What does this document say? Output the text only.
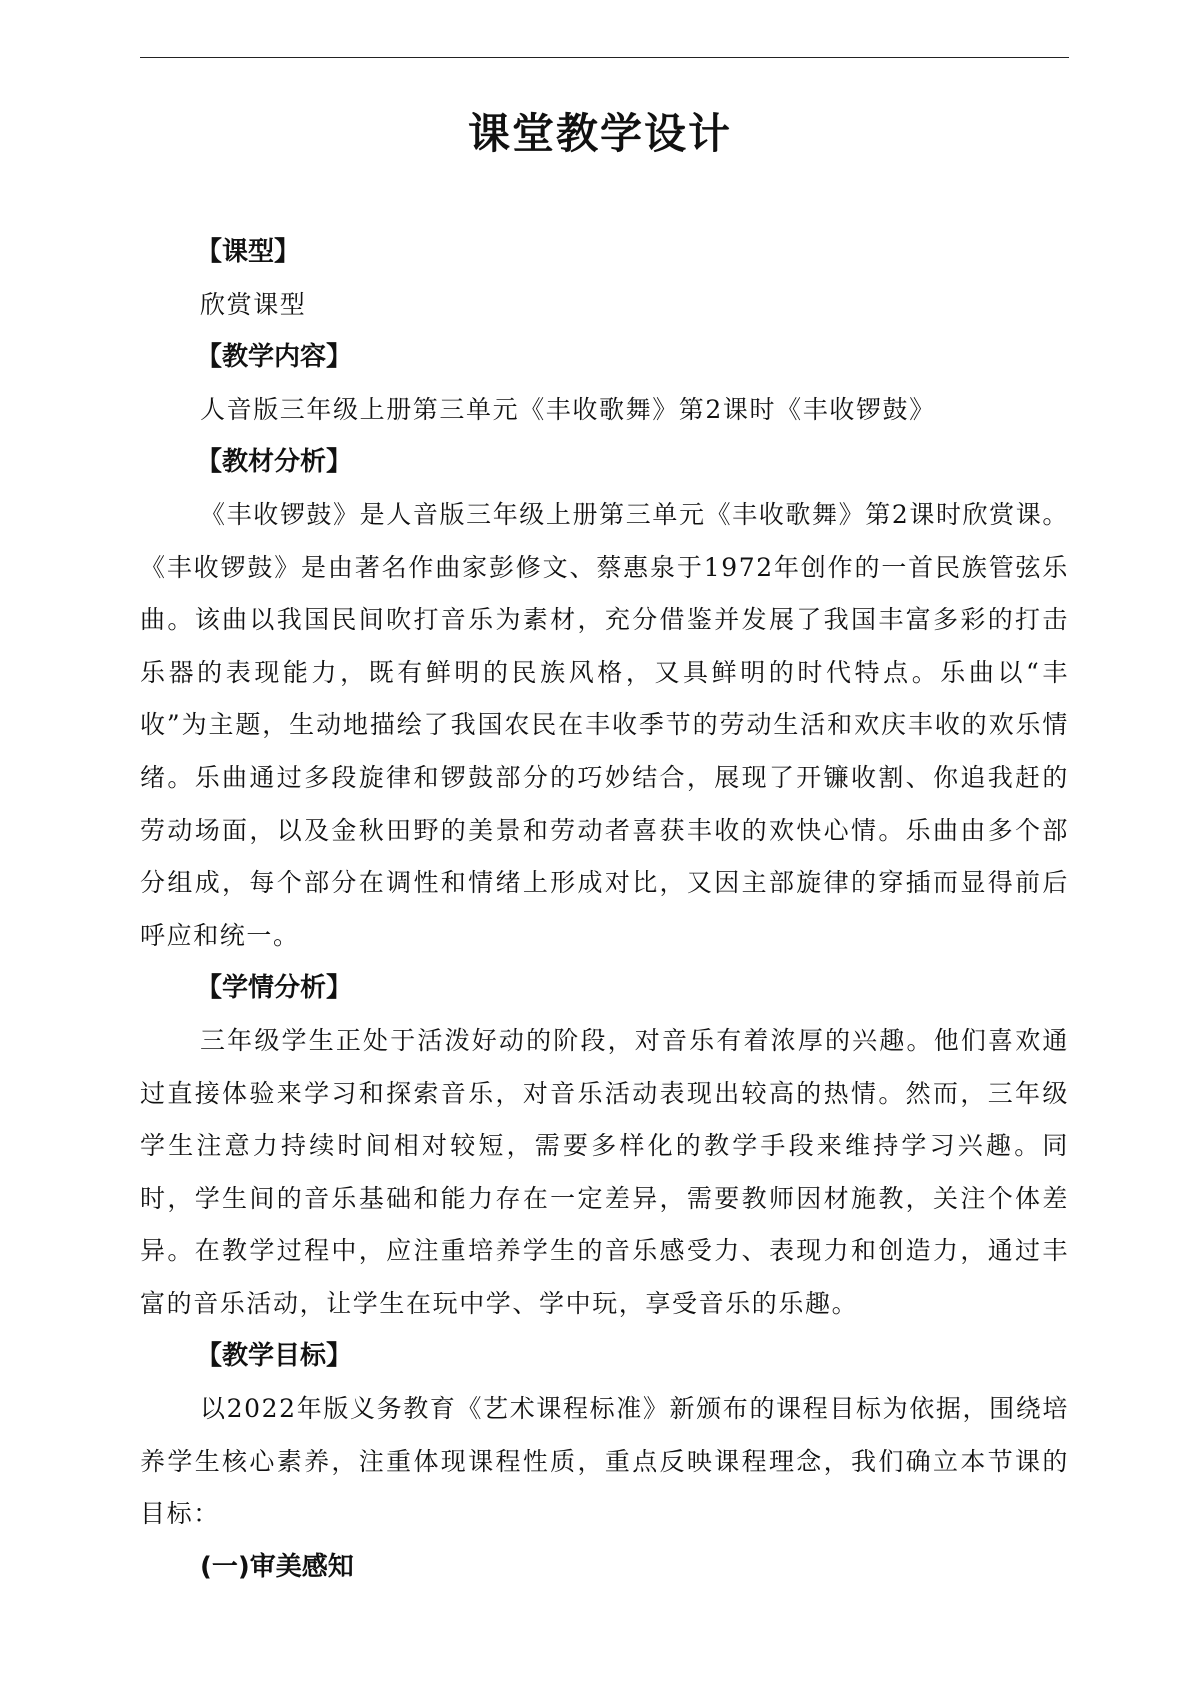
课堂教学设计
【课型】

欣赏课型

【教学内容】

人音版三年级上册第三单元《丰收歌舞》第2课时《丰收锣鼓》

【教材分析】

《丰收锣鼓》是人音版三年级上册第三单元《丰收歌舞》第2课时欣赏课。《丰收锣鼓》是由著名作曲家彭修文、蔡惠泉于1972年创作的一首民族管弦乐曲。该曲以我国民间吹打音乐为素材，充分借鉴并发展了我国丰富多彩的打击乐器的表现能力，既有鲜明的民族风格，又具鲜明的时代特点。乐曲以“丰收”为主题，生动地描绘了我国农民在丰收季节的劳动生活和欢庆丰收的欢乐情绪。乐曲通过多段旋律和锣鼓部分的巧妙结合，展现了开镰收割、你追我赶的劳动场面，以及金秋田野的美景和劳动者喜获丰收的欢快心情。乐曲由多个部分组成，每个部分在调性和情绪上形成对比，又因主部旋律的穿插而显得前后呼应和统一。

【学情分析】

三年级学生正处于活泼好动的阶段，对音乐有着浓厚的兴趣。他们喜欢通过直接体验来学习和探索音乐，对音乐活动表现出较高的热情。然而，三年级学生注意力持续时间相对较短，需要多样化的教学手段来维持学习兴趣。同时，学生间的音乐基础和能力存在一定差异，需要教师因材施教，关注个体差异。在教学过程中，应注重培养学生的音乐感受力、表现力和创造力，通过丰富的音乐活动，让学生在玩中学、学中玩，享受音乐的乐趣。

【教学目标】

以2022年版义务教育《艺术课程标准》新颁布的课程目标为依据，围绕培养学生核心素养，注重体现课程性质，重点反映课程理念，我们确立本节课的目标：

(一)审美感知
